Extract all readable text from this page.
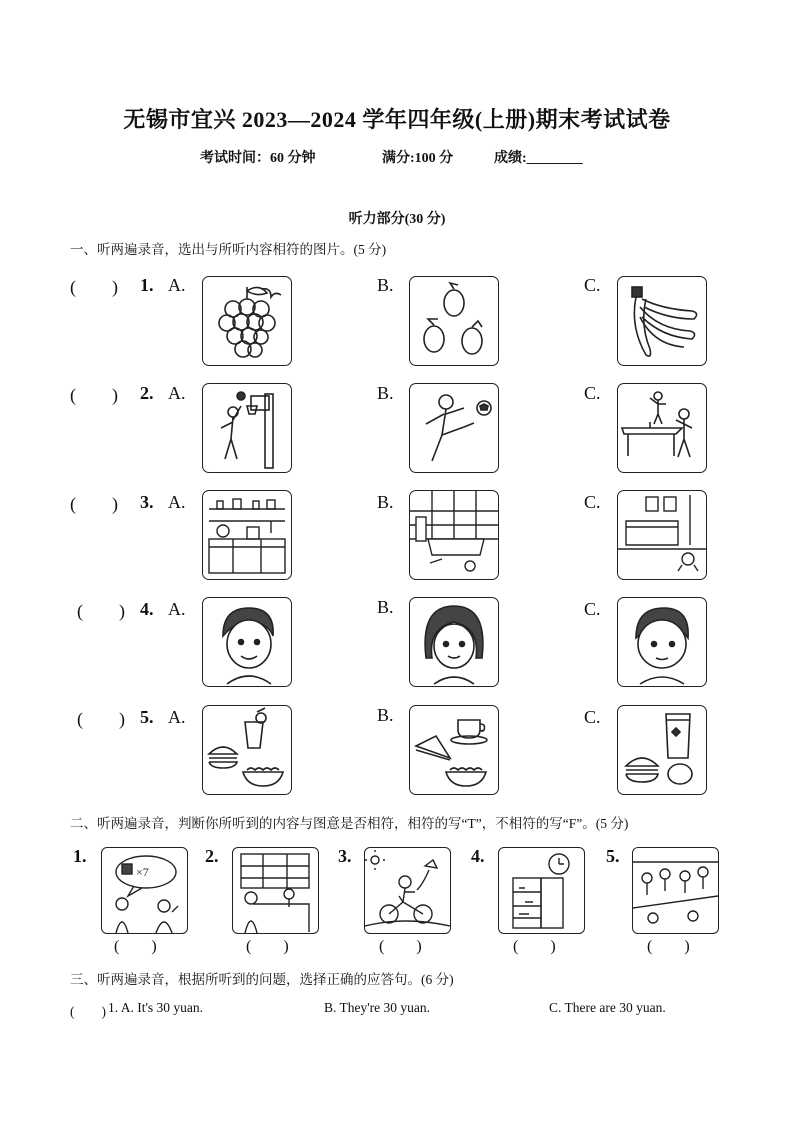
无锡市宜兴 2023—2024 学年四年级(上册)期末考试试卷
考试时间：60 分钟	满分:100 分	成绩:________
听力部分(30 分)
一、听两遍录音，选出与所听内容相符的图片。(5 分)
(　　) 1. A.	B.	C.
(　　) 2. A.	B.	C.
(　　) 3. A.	B.	C.
(　　) 4. A.	B.	C.
(　　) 5. A.	B.	C.
二、听两遍录音，判断你所听到的内容与图意是否相符，相符的写“T”，不相符的写“F”。(5 分)
1.
×7
(　　)
2.
(　　)
3.
(　　)
4.
(　　)
5.
(　　)
三、听两遍录音，根据所听到的问题，选择正确的应答句。(6 分)
(　　) 1. A. It's 30 yuan.	B. They're 30 yuan.	C. There are 30 yuan.
